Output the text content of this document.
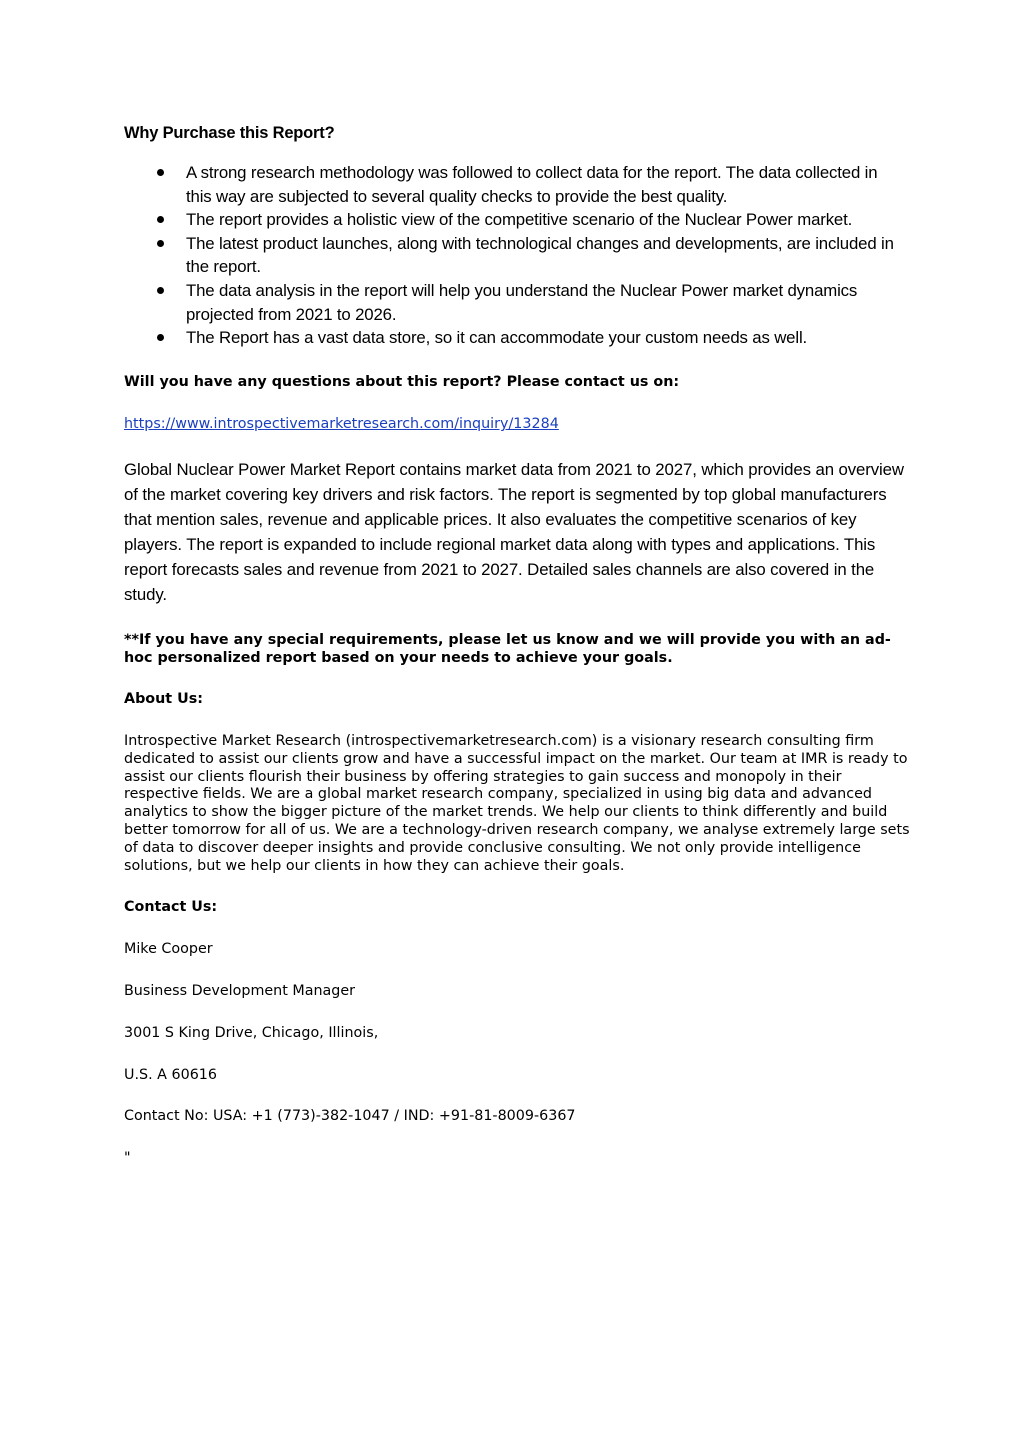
Why Purchase this Report?
A strong research methodology was followed to collect data for the report. The data collected in this way are subjected to several quality checks to provide the best quality.
The report provides a holistic view of the competitive scenario of the Nuclear Power market.
The latest product launches, along with technological changes and developments, are included in the report.
The data analysis in the report will help you understand the Nuclear Power market dynamics projected from 2021 to 2026.
The Report has a vast data store, so it can accommodate your custom needs as well.
Will you have any questions about this report? Please contact us on:
https://www.introspectivemarketresearch.com/inquiry/13284

Global Nuclear Power Market Report contains market data from 2021 to 2027, which provides an overview of the market covering key drivers and risk factors. The report is segmented by top global manufacturers that mention sales, revenue and applicable prices. It also evaluates the competitive scenarios of key players. The report is expanded to include regional market data along with types and applications. This report forecasts sales and revenue from 2021 to 2027. Detailed sales channels are also covered in the study.

**If you have any special requirements, please let us know and we will provide you with an ad-hoc personalized report based on your needs to achieve your goals.

About Us:

Introspective Market Research (introspectivemarketresearch.com) is a visionary research consulting firm dedicated to assist our clients grow and have a successful impact on the market. Our team at IMR is ready to assist our clients flourish their business by offering strategies to gain success and monopoly in their respective fields. We are a global market research company, specialized in using big data and advanced analytics to show the bigger picture of the market trends. We help our clients to think differently and build better tomorrow for all of us. We are a technology-driven research company, we analyse extremely large sets of data to discover deeper insights and provide conclusive consulting. We not only provide intelligence solutions, but we help our clients in how they can achieve their goals.

Contact Us:
Mike Cooper
Business Development Manager
3001 S King Drive, Chicago, Illinois,
U.S. A 60616
Contact No: USA: +1 (773)-382-1047 / IND: +91-81-8009-6367
"
